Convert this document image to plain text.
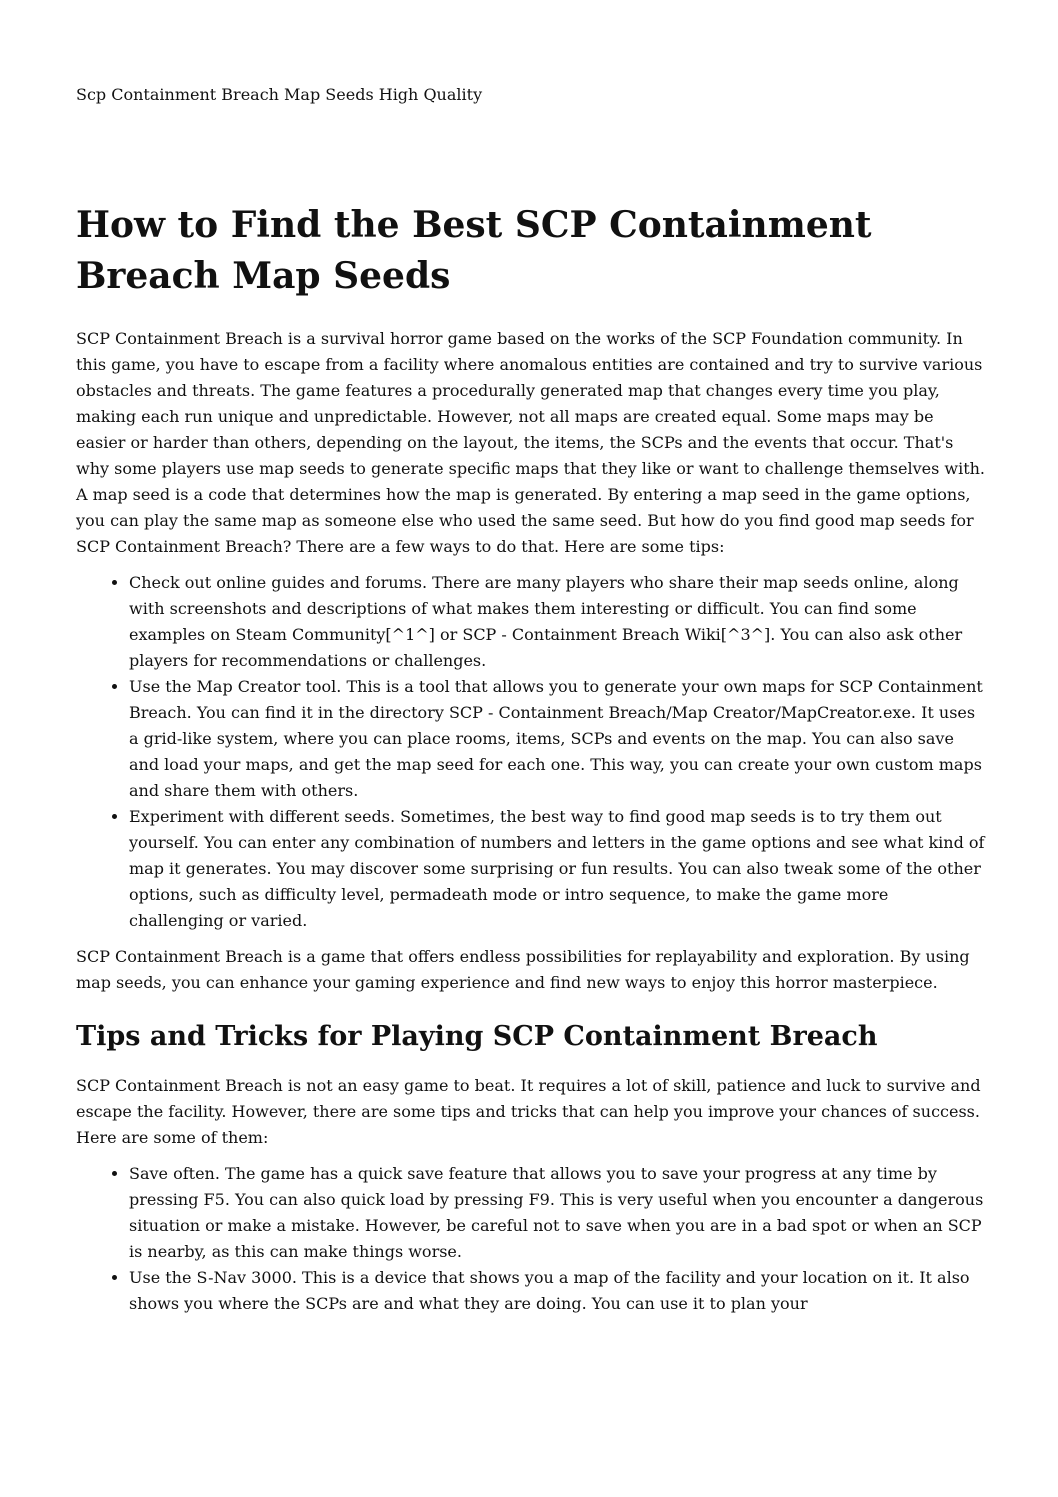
Scp Containment Breach Map Seeds High Quality

How to Find the Best SCP Containment Breach Map Seeds

SCP Containment Breach is a survival horror game based on the works of the SCP Foundation community. In this game, you have to escape from a facility where anomalous entities are contained and try to survive various obstacles and threats. The game features a procedurally generated map that changes every time you play, making each run unique and unpredictable. However, not all maps are created equal. Some maps may be easier or harder than others, depending on the layout, the items, the SCPs and the events that occur. That's why some players use map seeds to generate specific maps that they like or want to challenge themselves with. A map seed is a code that determines how the map is generated. By entering a map seed in the game options, you can play the same map as someone else who used the same seed. But how do you find good map seeds for SCP Containment Breach? There are a few ways to do that. Here are some tips:

• Check out online guides and forums. There are many players who share their map seeds online, along with screenshots and descriptions of what makes them interesting or difficult. You can find some examples on Steam Community[^1^] or SCP - Containment Breach Wiki[^3^]. You can also ask other players for recommendations or challenges.
• Use the Map Creator tool. This is a tool that allows you to generate your own maps for SCP Containment Breach. You can find it in the directory SCP - Containment Breach/Map Creator/MapCreator.exe. It uses a grid-like system, where you can place rooms, items, SCPs and events on the map. You can also save and load your maps, and get the map seed for each one. This way, you can create your own custom maps and share them with others.
• Experiment with different seeds. Sometimes, the best way to find good map seeds is to try them out yourself. You can enter any combination of numbers and letters in the game options and see what kind of map it generates. You may discover some surprising or fun results. You can also tweak some of the other options, such as difficulty level, permadeath mode or intro sequence, to make the game more challenging or varied.

SCP Containment Breach is a game that offers endless possibilities for replayability and exploration. By using map seeds, you can enhance your gaming experience and find new ways to enjoy this horror masterpiece.

Tips and Tricks for Playing SCP Containment Breach

SCP Containment Breach is not an easy game to beat. It requires a lot of skill, patience and luck to survive and escape the facility. However, there are some tips and tricks that can help you improve your chances of success. Here are some of them:

• Save often. The game has a quick save feature that allows you to save your progress at any time by pressing F5. You can also quick load by pressing F9. This is very useful when you encounter a dangerous situation or make a mistake. However, be careful not to save when you are in a bad spot or when an SCP is nearby, as this can make things worse.
• Use the S-Nav 3000. This is a device that shows you a map of the facility and your location on it. It also shows you where the SCPs are and what they are doing. You can use it to plan your
